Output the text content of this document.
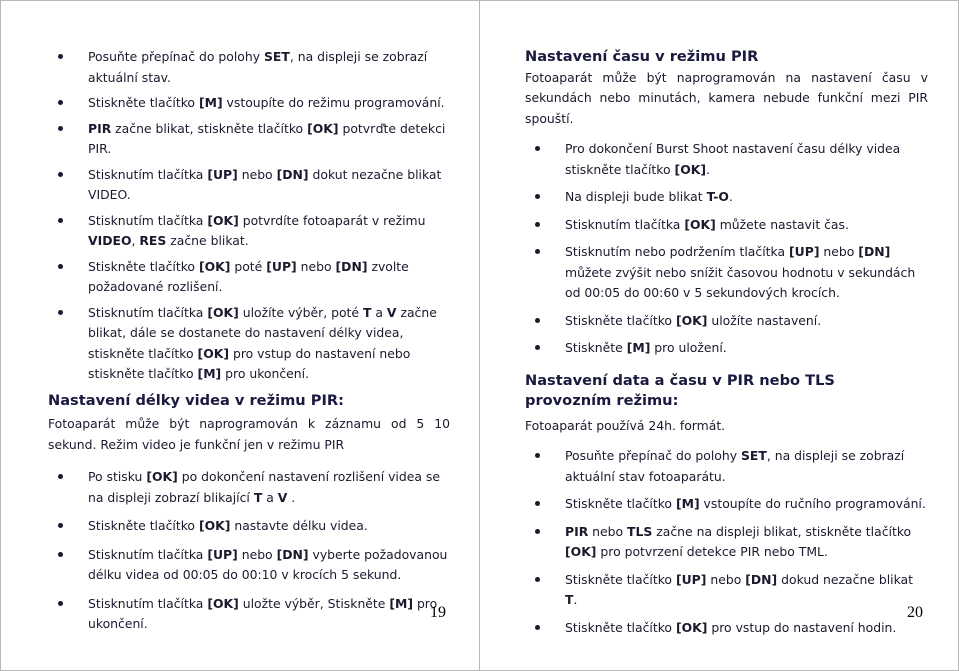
Posuňte přepínač do polohy SET, na displeji se zobrazí aktuální stav.
Stiskněte tlačítko [M] vstoupíte do režimu programování.
PIR začne blikat, stiskněte tlačítko [OK] potvrďte detekci PIR.
Stisknutím tlačítka [UP] nebo [DN] dokut nezačne blikat VIDEO.
Stisknutím tlačítka [OK] potvrdíte fotoaparát v režimu VIDEO, RES začne blikat.
Stiskněte tlačítko [OK] poté [UP] nebo [DN] zvolte požadované rozlišení.
Stisknutím tlačítka [OK] uložíte výběr, poté T a V začne blikat, dále se dostanete do nastavení délky videa, stiskněte tlačítko [OK] pro vstup do nastavení nebo stiskněte tlačítko [M] pro ukončení.
Nastavení délky videa v režimu PIR:
Fotoaparát může být naprogramován k záznamu od 5 10 sekund. Režim video je funkční jen v režimu PIR
Po stisku [OK] po dokončení nastavení rozlišení videa se na displeji zobrazí blikající T a V .
Stiskněte tlačítko [OK] nastavte délku videa.
Stisknutím tlačítka [UP] nebo [DN] vyberte požadovanou délku videa od 00:05 do 00:10 v krocích 5 sekund.
Stisknutím tlačítka [OK] uložte výběr, Stiskněte [M] pro ukončení.
19
Nastavení času v režimu PIR
Fotoaparát může být naprogramován na nastavení času v sekundách nebo minutách, kamera nebude funkční mezi PIR spouští.
Pro dokončení Burst Shoot nastavení času délky videa stiskněte tlačítko [OK].
Na displeji bude blikat T-O.
Stisknutím tlačítka [OK] můžete nastavit čas.
Stisknutím nebo podržením tlačítka [UP] nebo [DN] můžete zvýšit nebo snížit časovou hodnotu v sekundách od 00:05 do 00:60 v 5 sekundových krocích.
Stiskněte tlačítko [OK] uložíte nastavení.
Stiskněte [M] pro uložení.
Nastavení data a času v PIR nebo TLS provozním režimu:
Fotoaparát používá 24h. formát.
Posuňte přepínač do polohy SET, na displeji se zobrazí aktuální stav fotoaparátu.
Stiskněte tlačítko [M] vstoupíte do ručního programování.
PIR nebo TLS začne na displeji blikat, stiskněte tlačítko [OK] pro potvrzení detekce PIR nebo TML.
Stiskněte tlačítko [UP] nebo [DN] dokud nezačne blikat T.
Stiskněte tlačítko [OK] pro vstup do nastavení hodin.
20
